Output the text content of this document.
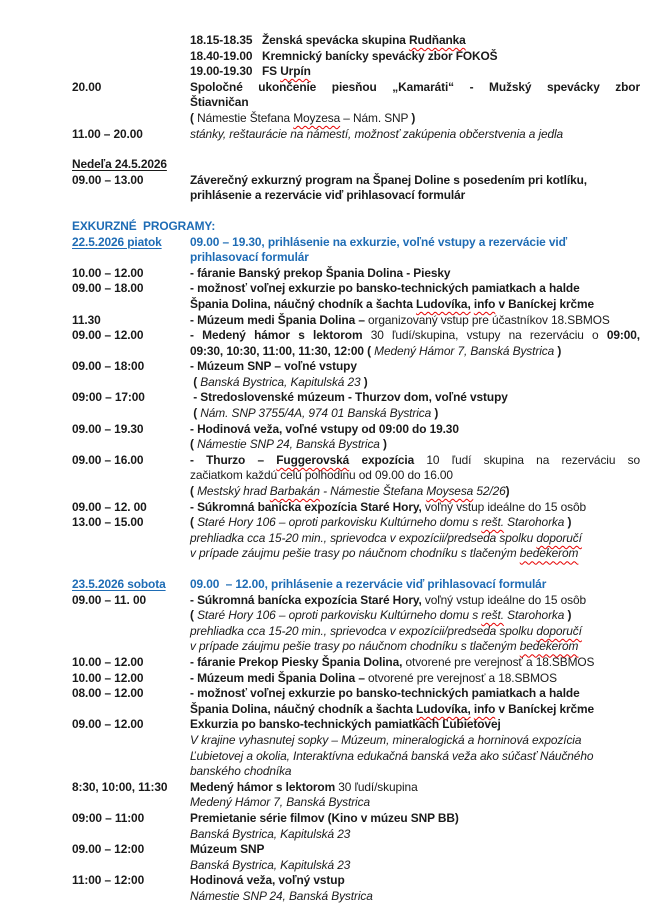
18.15-18.35   Ženská spevácka skupina Rudňanka
18.40-19.00   Kremnický banícky spevácky zbor FOKOŠ
19.00-19.30   FS Urpín
20.00	Spoločné ukončenie piesňou „Kamaráti“ - Mužský spevácky zbor
Štiavničan
( Námestie Štefana Moyzesa – Nám. SNP )
11.00 – 20.00	stánky, reštaurácie na námestí, možnosť zakúpenia občerstvenia a jedla
Nedeľa 24.5.2026
09.00 – 13.00	Záverečný exkurzný program na Španej Doline s posedením pri kotlíku,
prihlásenie a rezervácie viď prihlasovací formulár
EXKURZNÉ  PROGRAMY:
22.5.2026 piatok	09.00 – 19.30, prihlásenie na exkurzie, voľné vstupy a rezervácie viď
prihlasovací formulár
10.00 – 12.00	- fáranie Banský prekop Špania Dolina - Piesky
09.00 – 18.00	- možnosť voľnej exkurzie po bansko-technických pamiatkach a halde
Špania Dolina, náučný chodník a šachta Ludovíka, info v Baníckej krčme
11.30	- Múzeum medi Špania Dolina – organizovaný vstup pre účastníkov 18.SBMOS
09.00 – 12.00	- Medený hámor s lektorom 30 ľudí/skupina, vstupy na rezerváciu o 09:00,
09:30, 10:30, 11:00, 11:30, 12:00 ( Medený Hámor 7, Banská Bystrica )
09.00 – 18:00	- Múzeum SNP – voľné vstupy
( Banská Bystrica, Kapitulská 23 )
09:00 – 17:00	- Stredoslovenské múzeum - Thurzov dom, voľné vstupy
( Nám. SNP 3755/4A, 974 01 Banská Bystrica )
09.00 – 19.30	- Hodinová veža, voľné vstupy od 09:00 do 19.30
( Námestie SNP 24, Banská Bystrica )
09.00 – 16.00	- Thurzo – Fuggerovská expozícia 10 ľudí skupina na rezerváciu so
začiatkom každú celú polhodinu od 09.00 do 16.00
( Mestský hrad Barbakán - Námestie Štefana Moysesa 52/26)
09.00 – 12. 00	- Súkromná banícka expozícia Staré Hory, voľný vstup ideálne do 15 osôb
13.00 – 15.00	( Staré Hory 106 – oproti parkovisku Kultúrneho domu s rešt. Starohorka )
prehliadka cca 15-20 min., sprievodca v expozícii/predseda spolku doporučí
v prípade záujmu pešie trasy po náučnom chodníku s tlačeným bedekerom
23.5.2026 sobota	09.00  – 12.00, prihlásenie a rezervácie viď prihlasovací formulár
09.00 – 11. 00	- Súkromná banícka expozícia Staré Hory, voľný vstup ideálne do 15 osôb
( Staré Hory 106 – oproti parkovisku Kultúrneho domu s rešt. Starohorka )
prehliadka cca 15-20 min., sprievodca v expozícii/predseda spolku doporučí
v prípade záujmu pešie trasy po náučnom chodníku s tlačeným bedekerom
10.00 – 12.00	- fáranie Prekop Piesky Špania Dolina, otvorené pre verejnosť a 18.SBMOS
10.00 – 12.00	- Múzeum medi Špania Dolina – otvorené pre verejnosť a 18.SBMOS
08.00 – 12.00	- možnosť voľnej exkurzie po bansko-technických pamiatkach a halde
Špania Dolina, náučný chodník a šachta Ludovíka, info v Baníckej krčme
09.00 – 12.00	Exkurzia po bansko-technických pamiatkach Ľubietovej
V krajine vyhasnutej sopky – Múzeum, mineralogická a horninová expozícia
Ľubietovej a okolia, Interaktívna edukačná banská veža ako súčasť Náučného
banského chodníka
8:30, 10:00, 11:30	Medený hámor s lektorom 30 ľudí/skupina
Medený Hámor 7, Banská Bystrica
09:00 – 11:00	Premietanie série filmov (Kino v múzeu SNP BB)
Banská Bystrica, Kapitulská 23
09.00 – 12:00	Múzeum SNP
Banská Bystrica, Kapitulská 23
11:00 – 12:00	Hodinová veža, voľný vstup
Námestie SNP 24, Banská Bystrica
